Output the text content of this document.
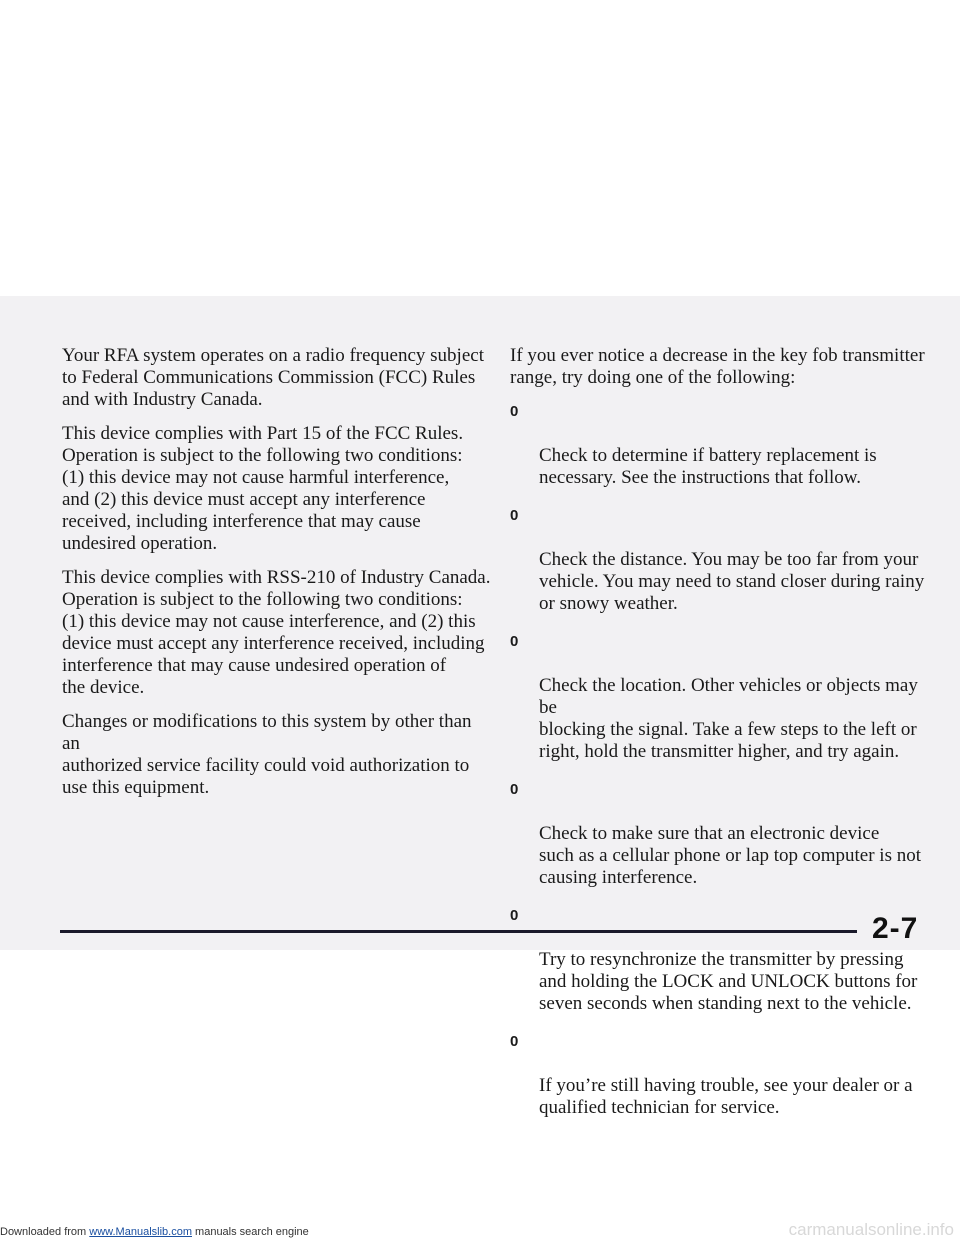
Your RFA system operates on a radio frequency subject
to Federal Communications Commission (FCC) Rules
and with Industry Canada.

This device complies with Part 15 of the FCC Rules.
Operation is subject to the following two conditions:
(1) this device may not cause harmful interference,
and (2) this device must accept any interference
received, including interference that may cause
undesired operation.

This device complies with RSS-210 of Industry Canada.
Operation is subject to the following two conditions:
(1) this device may not cause interference, and (2) this
device must accept any interference received, including
interference that may cause undesired operation of
the device.

Changes or modifications to this system by other than an
authorized service facility could void authorization to
use this equipment.

If you ever notice a decrease in the key fob transmitter
range, try doing one of the following:

0

Check to determine if battery replacement is
necessary. See the instructions that follow.

0

Check the distance. You may be too far from your
vehicle. You may need to stand closer during rainy
or snowy weather.

0

Check the location. Other vehicles or objects may be
blocking the signal. Take a few steps to the left or
right, hold the transmitter higher, and try again.

0

Check to make sure that an electronic device
such as a cellular phone or lap top computer is not
causing interference.

0

Try to resynchronize the transmitter by pressing
and holding the LOCK and UNLOCK buttons for
seven seconds when standing next to the vehicle.

0

If you’re still having trouble, see your dealer or a
qualified technician for service.

2-7
Downloaded from www.Manualslib.com manuals search engine	carmanualsonline.info
